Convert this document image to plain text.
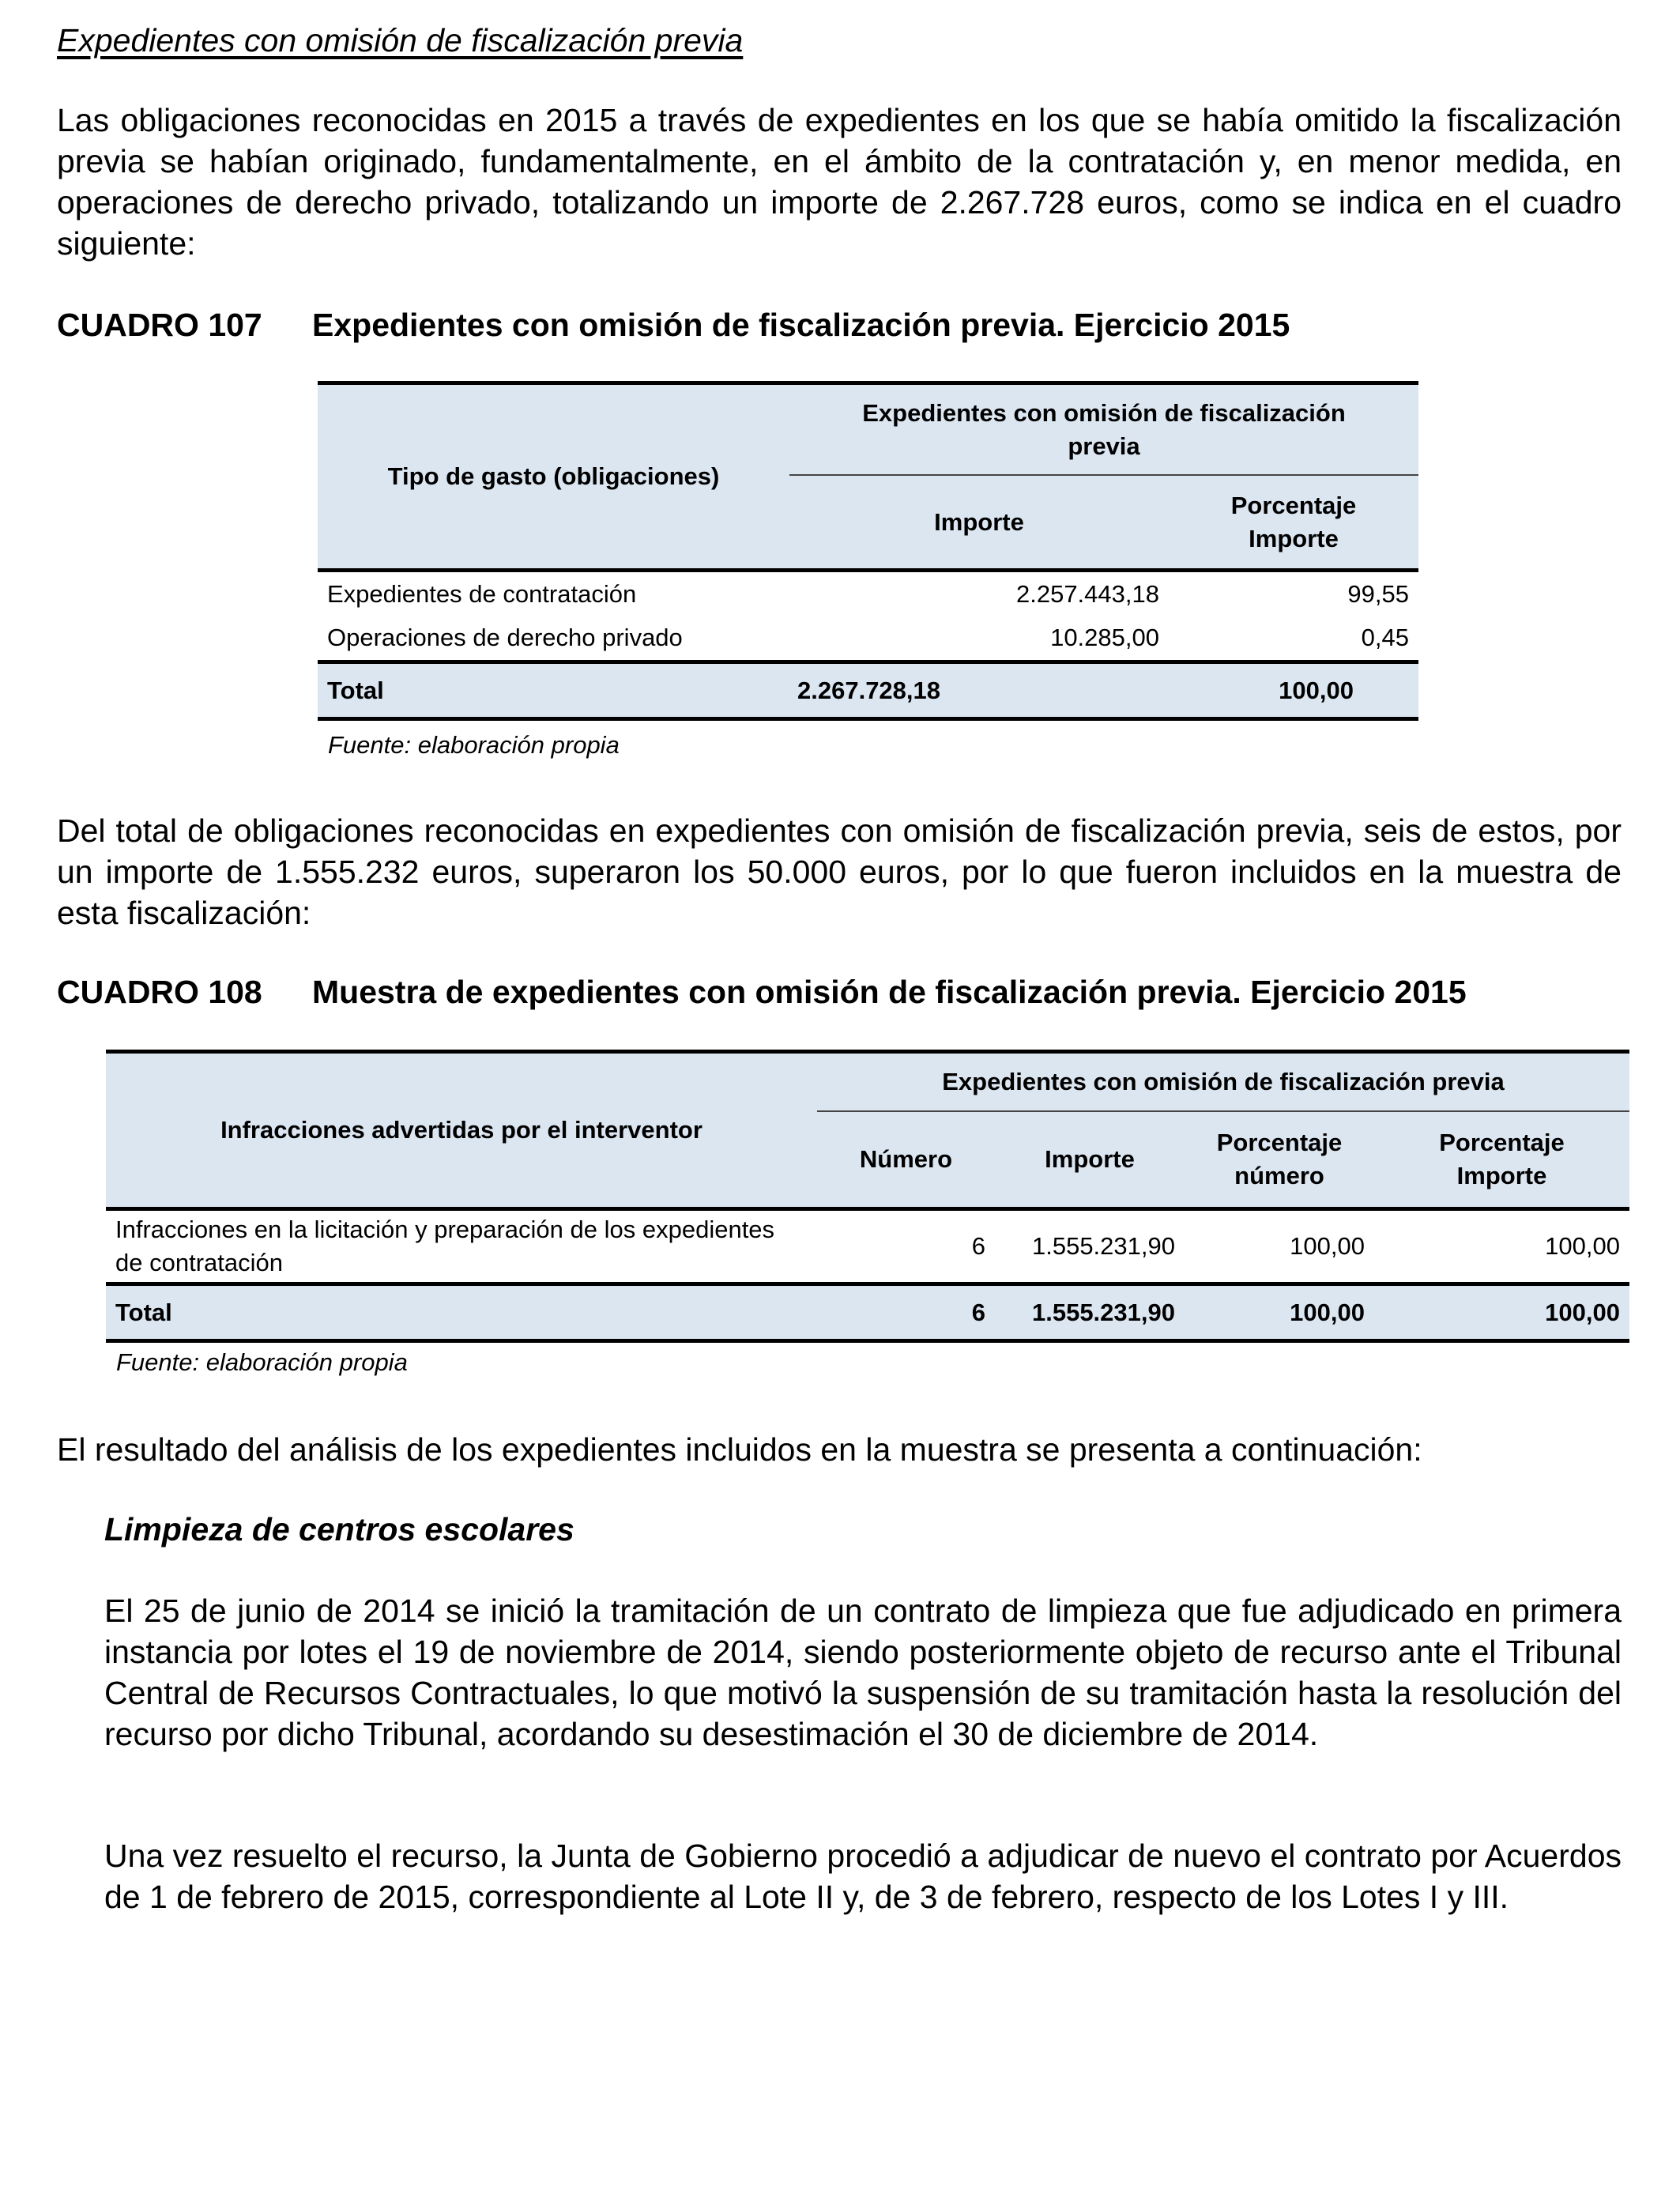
Expedientes con omisión de fiscalización previa
Las obligaciones reconocidas en 2015 a través de expedientes en los que se había omitido la fiscalización previa se habían originado, fundamentalmente, en el ámbito de la contratación y, en menor medida, en operaciones de derecho privado, totalizando un importe de 2.267.728 euros, como se indica en el cuadro siguiente:
CUADRO 107 Expedientes con omisión de fiscalización previa. Ejercicio 2015
Tipo de gasto (obligaciones)	Expedientes con omisión de fiscalización previa		
	Importe	Porcentaje Importe	
Expedientes de contratación	2.257.443,18	99,55	
Operaciones de derecho privado	10.285,00	0,45	
Total	2.267.728,18	100,00	
Fuente: elaboración propia
Del total de obligaciones reconocidas en expedientes con omisión de fiscalización previa, seis de estos, por un importe de 1.555.232 euros, superaron los 50.000 euros, por lo que fueron incluidos en la muestra de esta fiscalización:
CUADRO 108 Muestra de expedientes con omisión de fiscalización previa. Ejercicio 2015
Infracciones advertidas por el interventor	Expedientes con omisión de fiscalización previa			
	Número	Importe	Porcentaje número	Porcentaje Importe
Infracciones en la licitación y preparación de los expedientes de contratación	6	1.555.231,90	100,00	100,00
Total	6	1.555.231,90	100,00	100,00
Fuente: elaboración propia
El resultado del análisis de los expedientes incluidos en la muestra se presenta a continuación:
Limpieza de centros escolares
El 25 de junio de 2014 se inició la tramitación de un contrato de limpieza que fue adjudicado en primera instancia por lotes el 19 de noviembre de 2014, siendo posteriormente objeto de recurso ante el Tribunal Central de Recursos Contractuales, lo que motivó la suspensión de su tramitación hasta la resolución del recurso por dicho Tribunal, acordando su desestimación el 30 de diciembre de 2014.
Una vez resuelto el recurso, la Junta de Gobierno procedió a adjudicar de nuevo el contrato por Acuerdos de 1 de febrero de 2015, correspondiente al Lote II y, de 3 de febrero, respecto de los Lotes I y III.
